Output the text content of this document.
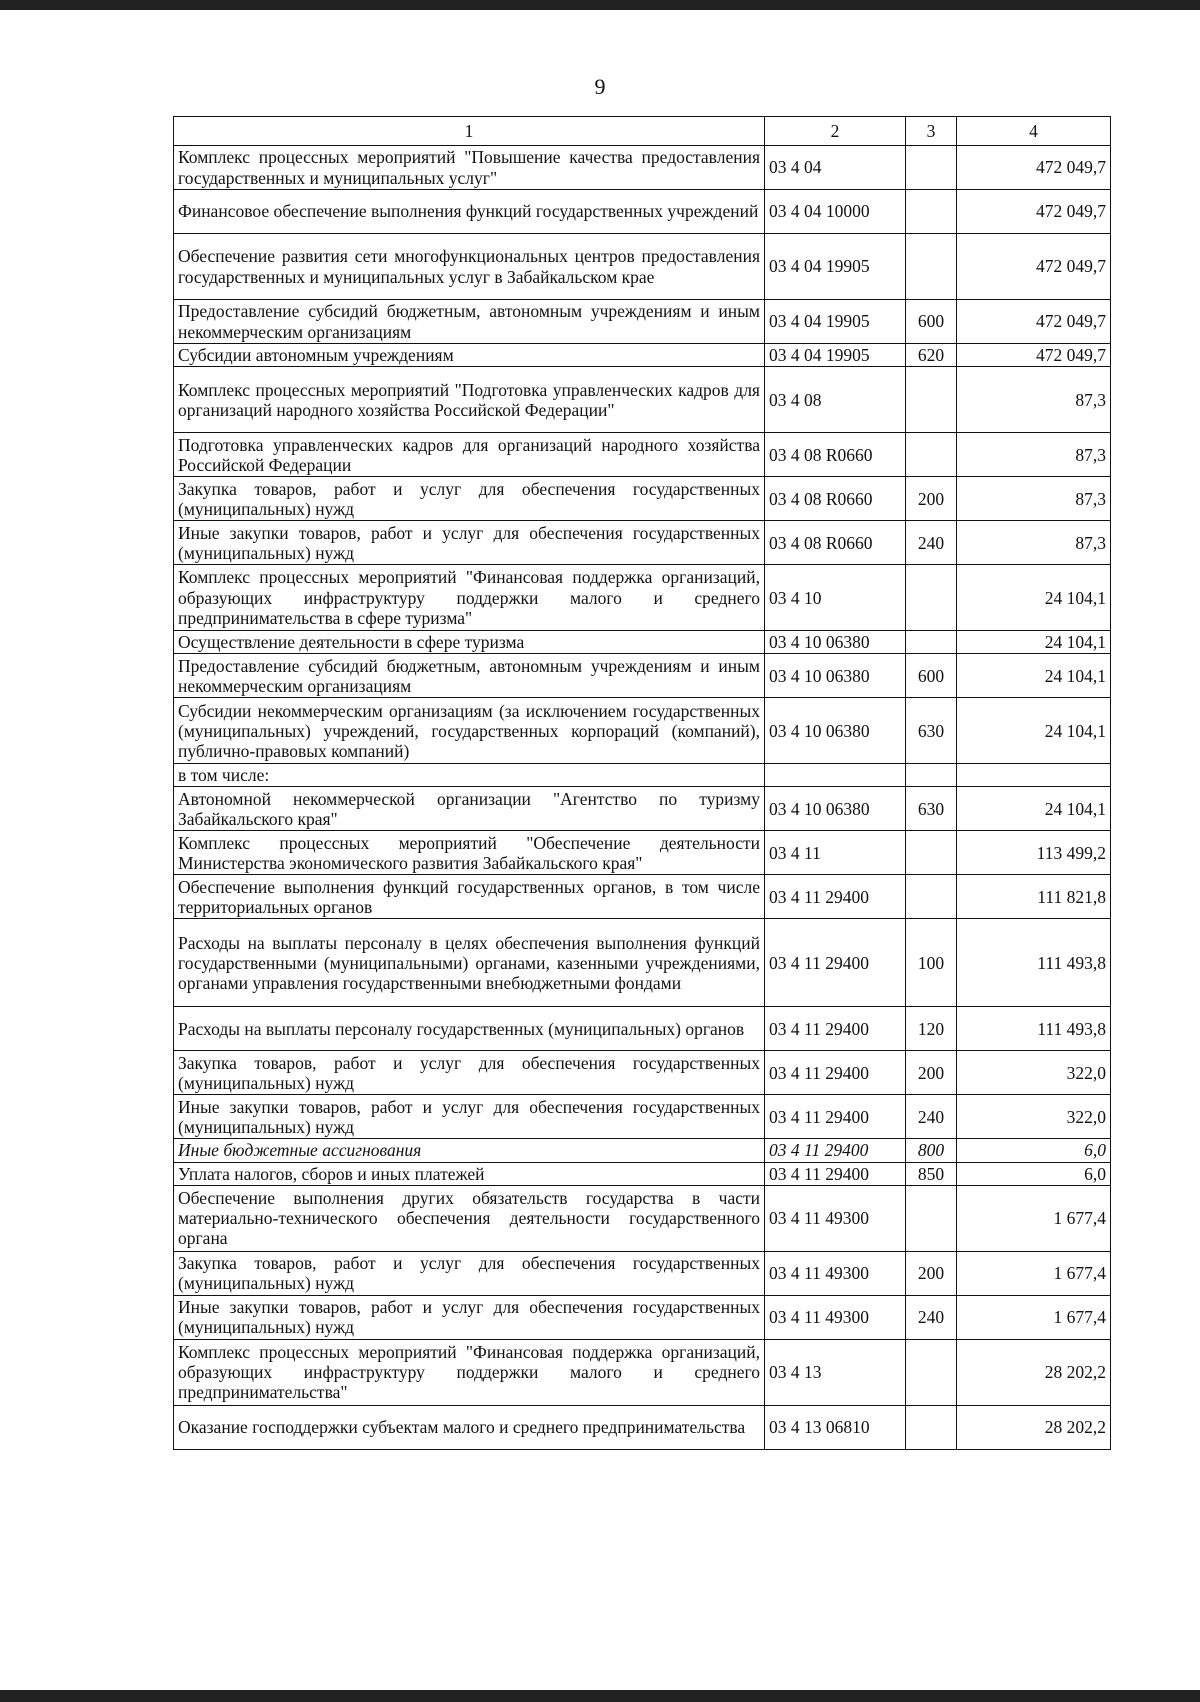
9
1	2	3	4
Комплекс процессных мероприятий "Повышение качества предоставления государственных и муниципальных услуг"	03 4 04		472 049,7
Финансовое обеспечение выполнения функций государственных учреждений	03 4 04 10000		472 049,7
Обеспечение развития сети многофункциональных центров предоставления государственных и муниципальных услуг в Забайкальском крае	03 4 04 19905		472 049,7
Предоставление субсидий бюджетным, автономным учреждениям и иным некоммерческим организациям	03 4 04 19905	600	472 049,7
Субсидии автономным учреждениям	03 4 04 19905	620	472 049,7
Комплекс процессных мероприятий "Подготовка управленческих кадров для организаций народного хозяйства Российской Федерации"	03 4 08		87,3
Подготовка управленческих кадров для организаций народного хозяйства Российской Федерации	03 4 08 R0660		87,3
Закупка товаров, работ и услуг для обеспечения государственных (муниципальных) нужд	03 4 08 R0660	200	87,3
Иные закупки товаров, работ и услуг для обеспечения государственных (муниципальных) нужд	03 4 08 R0660	240	87,3
Комплекс процессных мероприятий "Финансовая поддержка организаций, образующих инфраструктуру поддержки малого и среднего предпринимательства в сфере туризма"	03 4 10		24 104,1
Осуществление деятельности в сфере туризма	03 4 10 06380		24 104,1
Предоставление субсидий бюджетным, автономным учреждениям и иным некоммерческим организациям	03 4 10 06380	600	24 104,1
Субсидии некоммерческим организациям (за исключением государственных (муниципальных) учреждений, государственных корпораций (компаний), публично-правовых компаний)	03 4 10 06380	630	24 104,1
в том числе:			
Автономной некоммерческой организации "Агентство по туризму Забайкальского края"	03 4 10 06380	630	24 104,1
Комплекс процессных мероприятий "Обеспечение деятельности Министерства экономического развития Забайкальского края"	03 4 11		113 499,2
Обеспечение выполнения функций государственных органов, в том числе территориальных органов	03 4 11 29400		111 821,8
Расходы на выплаты персоналу в целях обеспечения выполнения функций государственными (муниципальными) органами, казенными учреждениями, органами управления государственными внебюджетными фондами	03 4 11 29400	100	111 493,8
Расходы на выплаты персоналу государственных (муниципальных) органов	03 4 11 29400	120	111 493,8
Закупка товаров, работ и услуг для обеспечения государственных (муниципальных) нужд	03 4 11 29400	200	322,0
Иные закупки товаров, работ и услуг для обеспечения государственных (муниципальных) нужд	03 4 11 29400	240	322,0
Иные бюджетные ассигнования	03 4 11 29400	800	6,0
Уплата налогов, сборов и иных платежей	03 4 11 29400	850	6,0
Обеспечение выполнения других обязательств государства в части материально-технического обеспечения деятельности государственного органа	03 4 11 49300		1 677,4
Закупка товаров, работ и услуг для обеспечения государственных (муниципальных) нужд	03 4 11 49300	200	1 677,4
Иные закупки товаров, работ и услуг для обеспечения государственных (муниципальных) нужд	03 4 11 49300	240	1 677,4
Комплекс процессных мероприятий "Финансовая поддержка организаций, образующих инфраструктуру поддержки малого и среднего предпринимательства"	03 4 13		28 202,2
Оказание господдержки субъектам малого и среднего предпринимательства	03 4 13 06810		28 202,2
